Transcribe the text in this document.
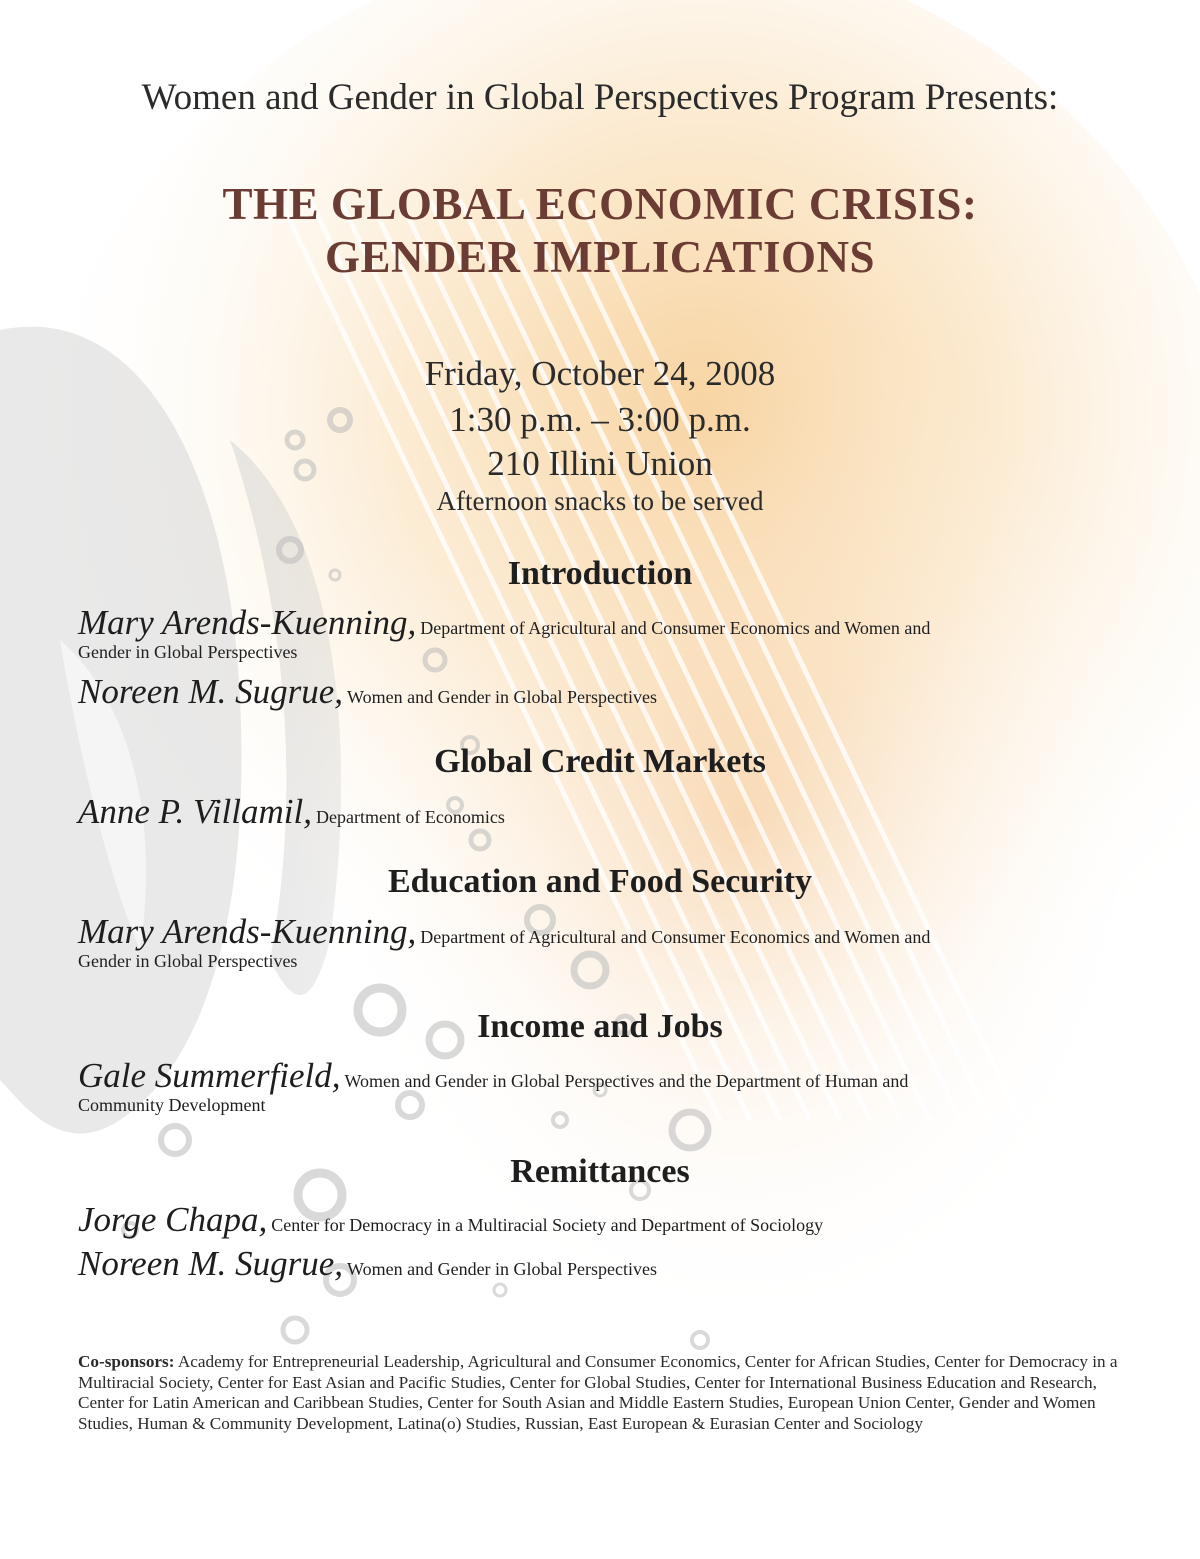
Women and Gender in Global Perspectives Program Presents:
THE GLOBAL ECONOMIC CRISIS:
GENDER IMPLICATIONS
Friday, October 24, 2008
1:30 p.m. – 3:00 p.m.
210 Illini Union
Afternoon snacks to be served
Introduction
Mary Arends-Kuenning, Department of Agricultural and Consumer Economics and Women and
Gender in Global Perspectives
Noreen M. Sugrue, Women and Gender in Global Perspectives
Global Credit Markets
Anne P. Villamil, Department of Economics
Education and Food Security
Mary Arends-Kuenning, Department of Agricultural and Consumer Economics and Women and
Gender in Global Perspectives
Income and Jobs
Gale Summerfield, Women and Gender in Global Perspectives and the Department of Human and
Community Development
Remittances
Jorge Chapa, Center for Democracy in a Multiracial Society and Department of Sociology
Noreen M. Sugrue, Women and Gender in Global Perspectives
Co-sponsors: Academy for Entrepreneurial Leadership, Agricultural and Consumer Economics, Center for African Studies, Center for Democracy in a Multiracial Society, Center for East Asian and Pacific Studies, Center for Global Studies, Center for International Business Education and Research, Center for Latin American and Caribbean Studies, Center for South Asian and Middle Eastern Studies, European Union Center, Gender and Women Studies, Human & Community Development, Latina(o) Studies, Russian, East European & Eurasian Center and Sociology
